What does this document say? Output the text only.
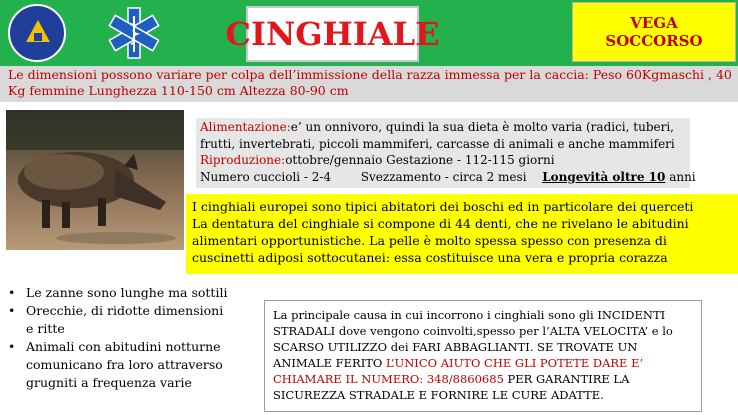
CINGHIALE	VEGA
SOCCORSO
Le dimensioni possono variare per colpa dell’immissione della razza immessa per la caccia: Peso 60Kgmaschi , 40
Kg femmine Lunghezza 110-150 cm Altezza 80-90 cm
Alimentazione:e’ un onnivoro, quindi la sua dieta è molto varia (radici, tuberi,
frutti, invertebrati, piccoli mammiferi, carcasse di animali e anche mammiferi
Riproduzione:ottobre/gennaio Gestazione - 112-115 giorni
Numero cuccioli - 2-4 Svezzamento - circa 2 mesi Longevità oltre 10 anni
I cinghiali europei sono tipici abitatori dei boschi ed in particolare dei querceti
La dentatura del cinghiale si compone di 44 denti, che ne rivelano le abitudini
alimentari opportunistiche. La pelle è molto spessa spesso con presenza di
cuscinetti adiposi sottocutanei: essa costituisce una vera e propria corazza
• Le zanne sono lunghe ma sottili
• Orecchie, di ridotte dimensioni
e ritte
• Animali con abitudini notturne
comunicano fra loro attraverso
grugniti a frequenza varie
La principale causa in cui incorrono i cinghiali sono gli INCIDENTI
STRADALI dove vengono coinvolti,spesso per l’ALTA VELOCITA’ e lo
SCARSO UTILIZZO dei FARI ABBAGLIANTI. SE TROVATE UN
ANIMALE FERITO L’UNICO AIUTO CHE GLI POTETE DARE E’
CHIAMARE IL NUMERO: 348/8860685 PER GARANTIRE LA
SICUREZZA STRADALE E FORNIRE LE CURE ADATTE.
